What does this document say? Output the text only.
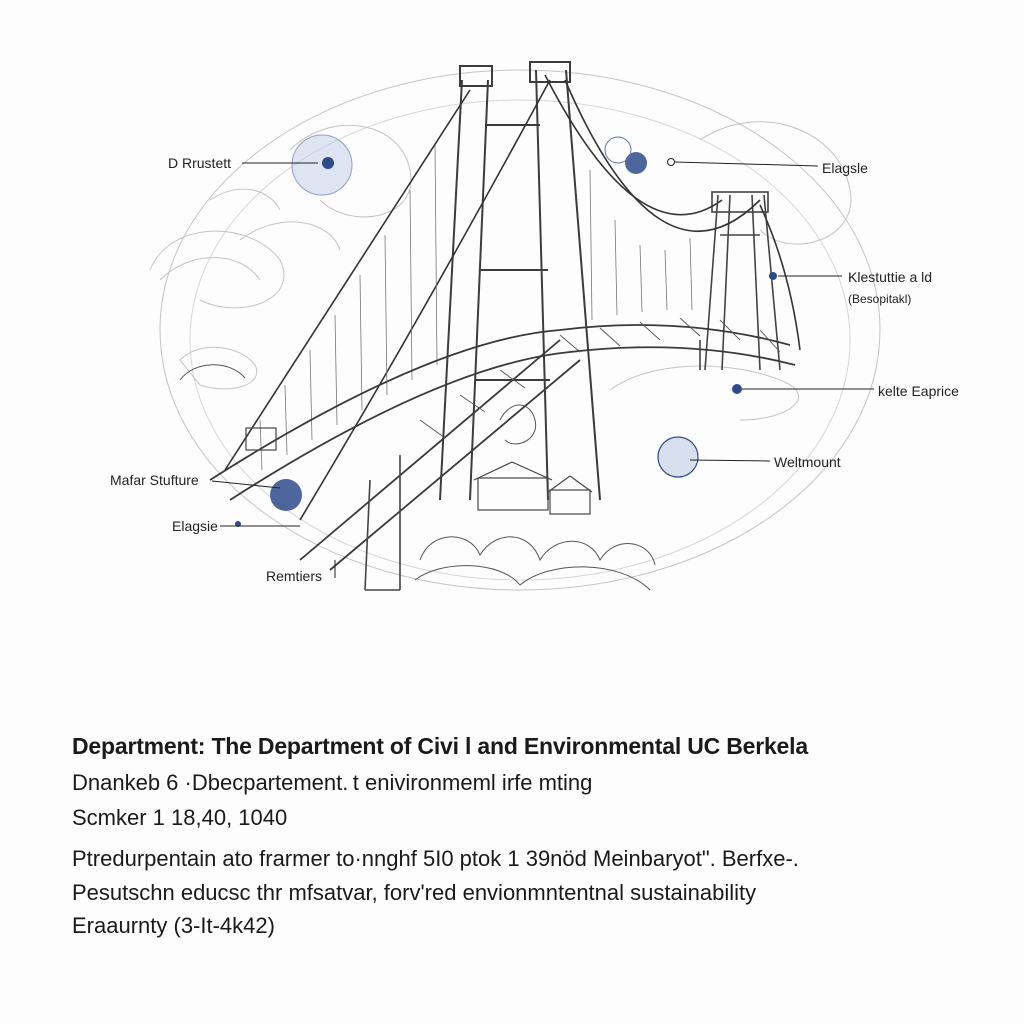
D Rrustett	Elagsle
Klestuttie a ld
(Besopitakl)
kelte Eaprice
Weltmount
Mafar Stufture
Elagsie
Remtiers
Department: The Department of Civi l and Environmental UC Berkela
Dnankeb 6 ·Dbecpartement. t enivironmeml irfe mting
Scmker 1 18,40, 1040
Ptredurpentain ato frarmer to·nnghf 5I0 ptok 1 39nöd Meinbaryot". Berfxe-.
Pesutschn educsc thr mfsatvar, forv'red envionmntentnal sustainability
Eraaurnty (‍3-It-4‍k42)
